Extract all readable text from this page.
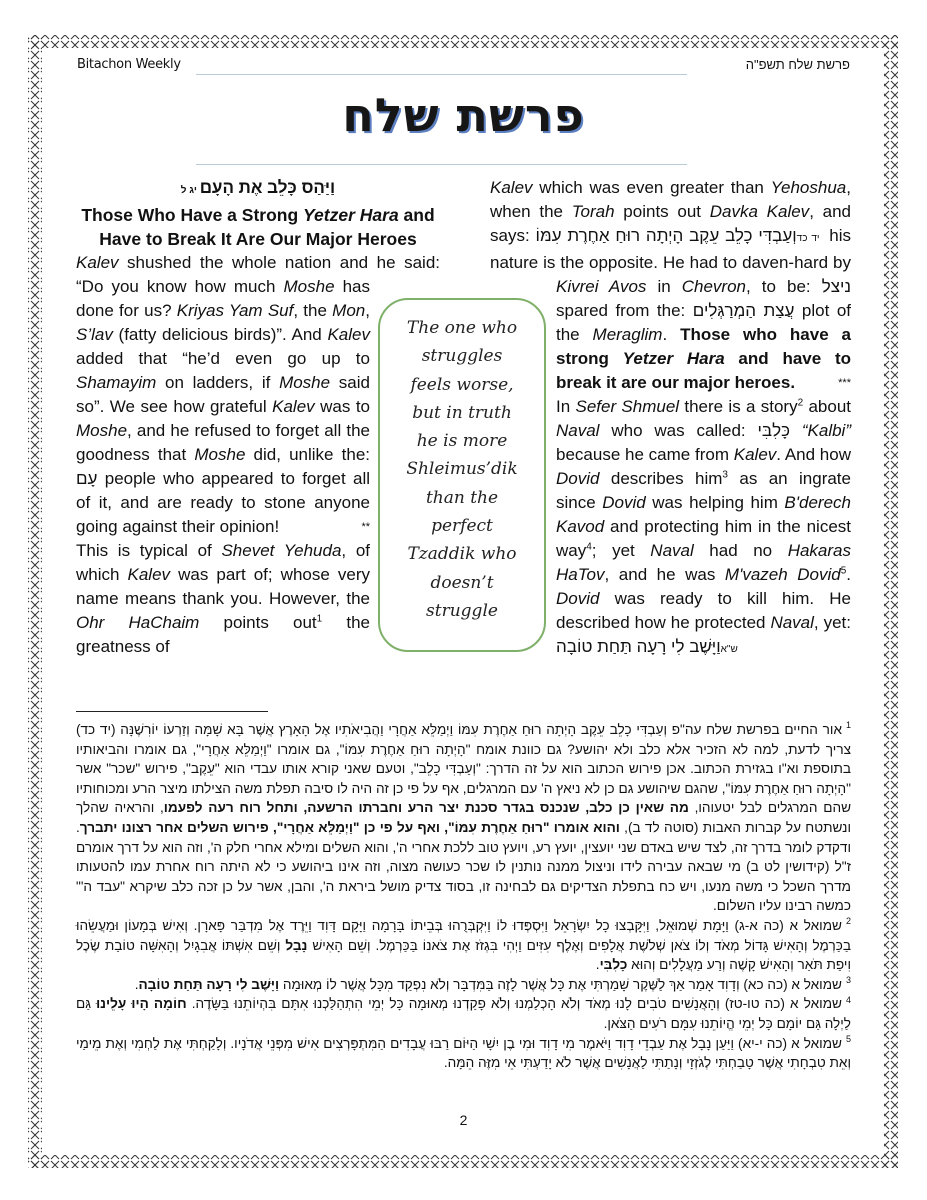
Bitachon Weekly	פרשת שלח תשפ"ה
פרשת שלח

וַיַּהַס כָּלֵב אֶת הָעָם יג ל

Those Who Have a Strong Yetzer Hara and Have to Break It Are Our Major Heroes

Kalev shushed the whole nation and he said: “Do you know how much Moshe has done for us? Kriyas Yam Suf, the Mon, S’lav (fatty delicious birds)”. And Kalev added that “he’d even go up to Shamayim on ladders, if Moshe said so”. We see how grateful Kalev was to Moshe, and he refused to forget all the goodness that Moshe did, unlike the: עָם people who appeared to forget all of it, and are ready to stone anyone going against their opinion!	**

This is typical of Shevet Yehuda, of which Kalev was part of; whose very name means thank you. However, the Ohr HaChaim points out$^1$ the greatness of

Kalev which was even greater than Yehoshua, when the Torah points out Davka Kalev, and says: וְעַבְדִּי כָלֵב עֵקֶב הָיְתָה רוּחַ אַחֶרֶת עִמּוֹ יד כד his nature is the opposite. He had to daven-hard by Kivrei Avos in Chevron, to be: ניצל spared from the: עֲצַת הַמְרַגְּלִים plot of the Meraglim. Those who have a strong Yetzer Hara and have to break it are our major heroes.	***

In Sefer Shmuel there is a story$^2$ about Naval who was called: כָּלִבִּי “Kalbi” because he came from Kalev. And how Dovid describes him$^3$ as an ingrate since Dovid was helping him B'derech Kavod and protecting him in the nicest way$^4$; yet Naval had no Hakaras HaTov, and he was M'vazeh Dovid$^5$. Dovid was ready to kill him. He described how he protected Naval, yet: וַיָּשֶׁב לִי רָעָה תַּחַת טוֹבָה ש"א

The one who
struggles
feels worse,
but in truth
he is more
Shleimus’dik
than the
perfect
Tzaddik who
doesn’t
struggle

$^1$אור החיים בפרשת שלח עה"פ וְעַבְדִּי כָלֵב עֵקֶב הָיְתָה רוּחַ אַחֶרֶת עִמּוֹ וַיְמַלֵּא אַחֲרָי וַהֲבִיאֹתִיו אֶל הָאָרֶץ אֲשֶׁר בָּא שָׁמָּה וְזַרְעוֹ יוֹרִשֶׁנָּה (יד כד) צריך לדעת, למה לא הזכיר אלא כלב ולא יהושע? גם כוונת אומח "הָיְתָה רוּחַ אַחֶרֶת עִמּוֹ", גם אומרו "וַיְמַלֵּא אַחֲרָי", גם אומרו והביאותיו בתוספת וא"ו בגזירת הכתוב. אכן פירוש הכתוב הוא על זה הדרך: "וְעַבְדִּי כָלֵב", וטעם שאני קורא אותו עבדי הוא "עֵקֶב", פירוש "שכר" אשר "הָיְתָה רוּחַ אַחֶרֶת עִמּוֹ", שהגם שיהושע גם כן לא ניאץ ה' עם המרגלים, אף על פי כן זה היה לו סיבה תפלת משה הצילתו מיצר הרע ומכוחותיו שהם המרגלים לבל יטעוהו, מה שאין כן כלב, שנכנס בגדר סכנת יצר הרע וחברתו הרשעה, ותחל רוח רעה לפעמו, והראיה שהלך ונשתטח על קברות האבות (סוטה לד ב), והוא אומרו "רוּחַ אַחֶרֶת עִמּוֹ", ואף על פי כן "וַיְמַלֵּא אַחֲרָי", פירוש השלים אחר רצונו יתברך. ודקדק לומר בדרך זה, לצד שיש באדם שני יועצין, יועץ רע, ויועץ טוב ללכת אחרי ה', והוא השלים ומילא אחרי חלק ה', וזה הוא על דרך אומרם ז"ל (קידושין לט ב) מי שבאה עבירה לידו וניצול ממנה נותנין לו שכר כעושה מצוה, וזה אינו ביהושע כי לא היתה רוח אחרת עמו להטעותו מדרך השכל כי משה מנעו, ויש כח בתפלת הצדיקים גם לבחינה זו, בסוד צדיק מושל ביראת ה', והבן, אשר על כן זכה כלב שיקרא "עבד ה'" כמשה רבינו עליו השלום.

$^2$שמואל א (כה א-ג) וַיָּמָת שְׁמוּאֵל, וַיִּקָּבְצוּ כָל יִשְׂרָאֵל וַיִּסְפְּדוּ לוֹ וַיִּקְבְּרֻהוּ בְּבֵיתוֹ בָּרָמָה וַיָּקָם דָּוִד וַיֵּרֶד אֶל מִדְבַּר פָּארָן. וְאִישׁ בְּמָעוֹן וּמַעֲשֵׂהוּ בַכַּרְמֶל וְהָאִישׁ גָּדוֹל מְאֹד וְלוֹ צֹאן שְׁלֹשֶׁת אֲלָפִים וְאֶלֶף עִזִּים וַיְהִי בִּגְזֹז אֶת צֹאנוֹ בַּכַּרְמֶל. וְשֵׁם הָאִישׁ נָבָל וְשֵׁם אִשְׁתּוֹ אֲבִגָיִל וְהָאִשָּׁה טוֹבַת שֶׂכֶל וִיפַת תֹּאַר וְהָאִישׁ קָשֶׁה וְרַע מַעֲלָלִים וְהוּא כָלִבִּי.

$^3$שמואל א (כה כא) וְדָוִד אָמַר אַךְ לַשֶּׁקֶר שָׁמַרְתִּי אֶת כָּל אֲשֶׁר לָזֶה בַּמִּדְבָּר וְלֹא נִפְקַד מִכָּל אֲשֶׁר לוֹ מְאוּמָה וַיָּשֶׁב לִי רָעָה תַּחַת טוֹבָה.

$^4$שמואל א (כה טו-טז) וְהָאֲנָשִׁים טֹבִים לָנוּ מְאֹד וְלֹא הָכְלַמְנוּ וְלֹא פָקַדְנוּ מְאוּמָה כָּל יְמֵי הִתְהַלַּכְנוּ אִתָּם בִּהְיוֹתֵנוּ בַּשָּׂדֶה. חוֹמָה הָיוּ עָלֵינוּ גַּם לַיְלָה גַּם יוֹמָם כָּל יְמֵי הֱיוֹתֵנוּ עִמָּם רֹעִים הַצֹּאן.

$^5$שמואל א (כה י-יא) וַיַּעַן נָבָל אֶת עַבְדֵי דָוִד וַיֹּאמֶר מִי דָוִד וּמִי בֶן יִשָׁי הַיּוֹם רַבּוּ עֲבָדִים הַמִּתְפָּרְצִים אִישׁ מִפְּנֵי אֲדֹנָיו. וְלָקַחְתִּי אֶת לַחְמִי וְאֶת מֵימַי וְאֵת טִבְחָתִי אֲשֶׁר טָבַחְתִּי לְגֹזְזָי וְנָתַתִּי לַאֲנָשִׁים אֲשֶׁר לֹא יָדַעְתִּי אֵי מִזֶּה הֵמָּה.

2
